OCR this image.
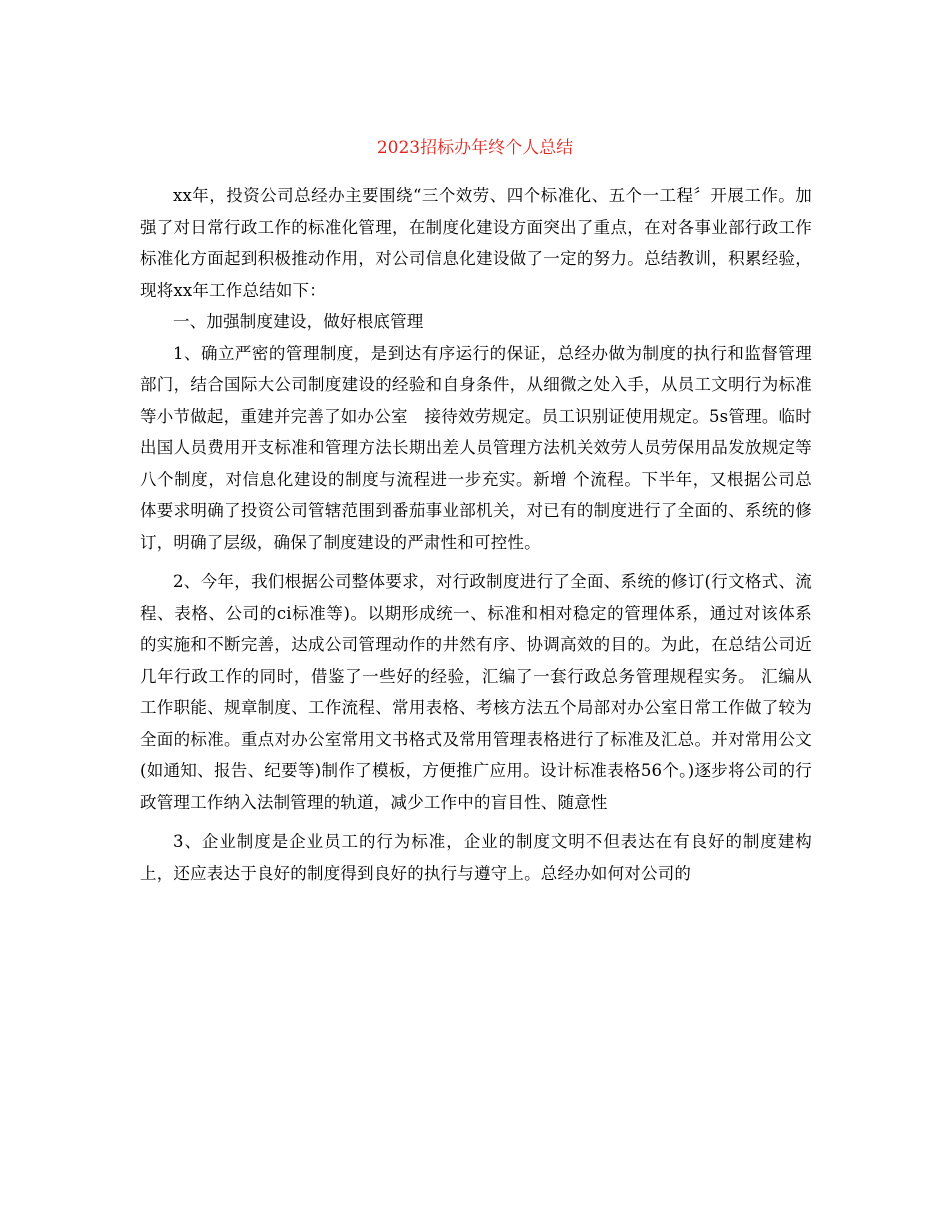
2023招标办年终个人总结

xx年，投资公司总经办主要围绕“三个效劳、四个标准化、五个一工程〞开展工作。加强了对日常行政工作的标准化管理，在制度化建设方面突出了重点，在对各事业部行政工作标准化方面起到积极推动作用，对公司信息化建设做了一定的努力。总结教训，积累经验，现将xx年工作总结如下：

一、加强制度建设，做好根底管理

1、确立严密的管理制度，是到达有序运行的保证，总经办做为制度的执行和监督管理部门，结合国际大公司制度建设的经验和自身条件，从细微之处入手，从员工文明行为标准等小节做起，重建并完善了如办公室　接待效劳规定。员工识别证使用规定。5s管理。临时出国人员费用开支标准和管理方法长期出差人员管理方法机关效劳人员劳保用品发放规定等八个制度，对信息化建设的制度与流程进一步充实。新增 个流程。下半年，又根据公司总体要求明确了投资公司管辖范围到番茄事业部机关，对已有的制度进行了全面的、系统的修订，明确了层级，确保了制度建设的严肃性和可控性。

2、今年，我们根据公司整体要求，对行政制度进行了全面、系统的修订(行文格式、流程、表格、公司的ci标准等)。以期形成统一、标准和相对稳定的管理体系，通过对该体系的实施和不断完善，达成公司管理动作的井然有序、协调高效的目的。为此，在总结公司近几年行政工作的同时，借鉴了一些好的经验，汇编了一套行政总务管理规程实务。 汇编从工作职能、规章制度、工作流程、常用表格、考核方法五个局部对办公室日常工作做了较为全面的标准。重点对办公室常用文书格式及常用管理表格进行了标准及汇总。并对常用公文(如通知、报告、纪要等)制作了模板，方便推广应用。设计标准表格56个。)逐步将公司的行政管理工作纳入法制管理的轨道，减少工作中的盲目性、随意性

3、企业制度是企业员工的行为标准，企业的制度文明不但表达在有良好的制度建构上，还应表达于良好的制度得到良好的执行与遵守上。总经办如何对公司的
